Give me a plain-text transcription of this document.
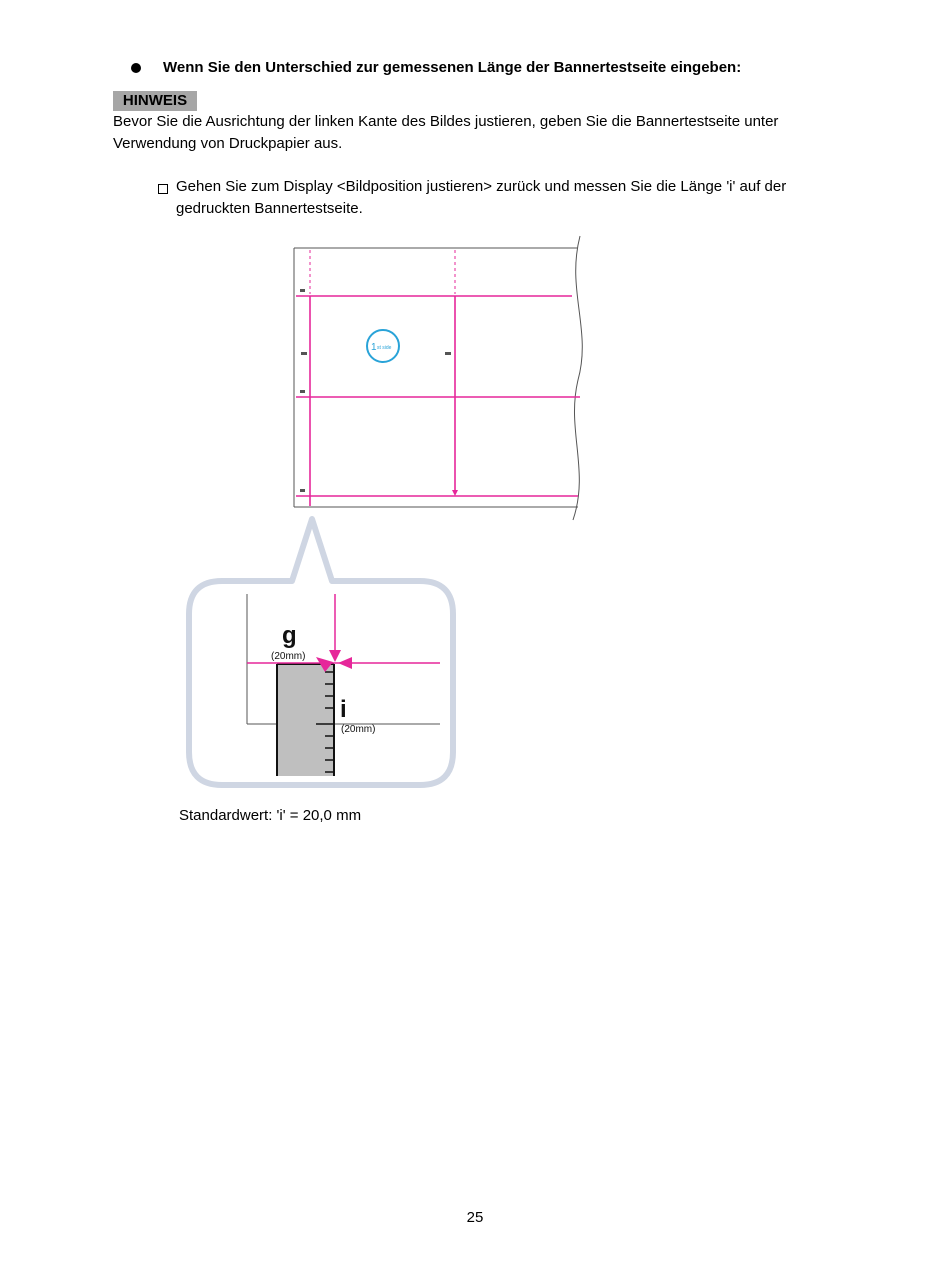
Wenn Sie den Unterschied zur gemessenen Länge der Bannertestseite eingeben:
HINWEIS
Bevor Sie die Ausrichtung der linken Kante des Bildes justieren, geben Sie die Bannertestseite unter
Verwendung von Druckpapier aus.
Gehen Sie zum Display <Bildposition justieren> zurück und messen Sie die Länge 'i' auf der
gedruckten Bannertestseite.
1 st side
g
(20mm)
i
(20mm)
Standardwert: 'i' = 20,0 mm
25
